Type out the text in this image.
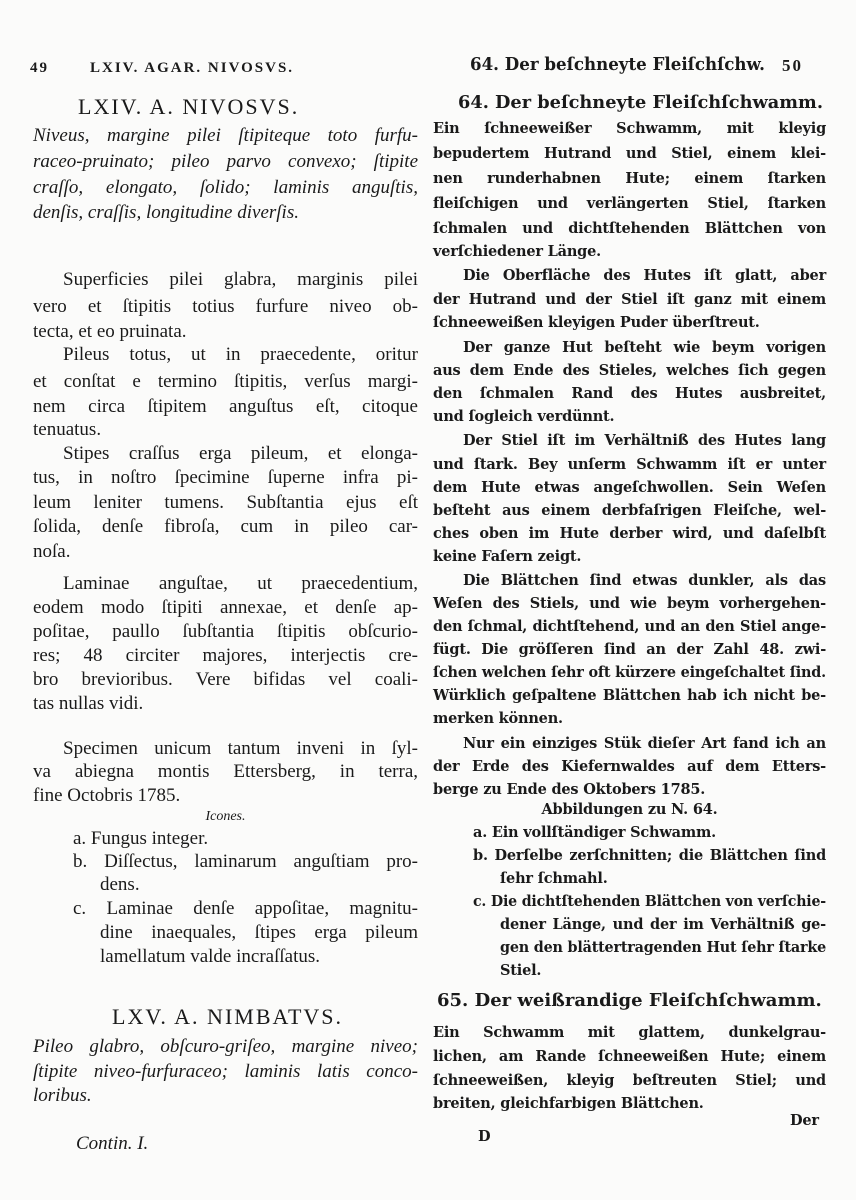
49	LXIV. AGAR. NIVOSVS.
LXIV. A. NIVOSVS.
LXV. A. NIMBATVS.
Contin. I.
64. Der beſchneyte Fleiſchſchw. 50
64. Der beſchneyte Fleiſchſchwamm.
65. Der weißrandige Fleiſchſchwamm.
Der
D
Niveus, margine pilei ſtipiteque toto furfu-
raceo-pruinato; pileo parvo convexo; ſtipite
craſſo, elongato, ſolido; laminis anguſtis,
denſis, craſſis, longitudine diverſis.
Superficies pilei glabra, marginis pilei
vero et ſtipitis totius furfure niveo ob-
tecta, et eo pruinata.
Pileus totus, ut in praecedente, oritur
et conſtat e termino ſtipitis, verſus margi-
nem circa ſtipitem anguſtus eſt, citoque
tenuatus.
Stipes craſſus erga pileum, et elonga-
tus, in noſtro ſpecimine ſuperne infra pi-
leum leniter tumens. Subſtantia ejus eſt
ſolida, denſe fibroſa, cum in pileo car-
noſa.
Laminae anguſtae, ut praecedentium,
eodem modo ſtipiti annexae, et denſe ap-
poſitae, paullo ſubſtantia ſtipitis obſcurio-
res; 48 circiter majores, interjectis cre-
bro brevioribus. Vere bifidas vel coali-
tas nullas vidi.
Specimen unicum tantum inveni in ſyl-
va abiegna montis Ettersberg, in terra,
fine Octobris 1785.
Icones.
a. Fungus integer.
b. Diſſectus, laminarum anguſtiam pro-
dens.
c. Laminae denſe appoſitae, magnitu-
dine inaequales, ſtipes erga pileum
lamellatum valde incraſſatus.
Pileo glabro, obſcuro-griſeo, margine niveo;
ſtipite niveo-furfuraceo; laminis latis conco-
loribus.
Ein ſchneeweißer Schwamm, mit kleyig
bepudertem Hutrand und Stiel, einem klei-
nen runderhabnen Hute; einem ſtarken
fleiſchigen und verlängerten Stiel, ſtarken
ſchmalen und dichtſtehenden Blättchen von
verſchiedener Länge.
Die Oberfläche des Hutes iſt glatt, aber
der Hutrand und der Stiel iſt ganz mit einem
ſchneeweißen kleyigen Puder überſtreut.
Der ganze Hut beſteht wie beym vorigen
aus dem Ende des Stieles, welches ſich gegen
den ſchmalen Rand des Hutes ausbreitet,
und ſogleich verdünnt.
Der Stiel iſt im Verhältniß des Hutes lang
und ſtark. Bey unſerm Schwamm iſt er unter
dem Hute etwas angeſchwollen. Sein Weſen
beſteht aus einem derbfaſrigen Fleiſche, wel-
ches oben im Hute derber wird, und daſelbſt
keine Faſern zeigt.
Die Blättchen ſind etwas dunkler, als das
Weſen des Stiels, und wie beym vorhergehen-
den ſchmal, dichtſtehend, und an den Stiel ange-
fügt. Die gröſſeren ſind an der Zahl 48. zwi-
ſchen welchen ſehr oft kürzere eingeſchaltet ſind.
Würklich geſpaltene Blättchen hab ich nicht be-
merken können.
Nur ein einziges Stük dieſer Art fand ich an
der Erde des Kiefernwaldes auf dem Etters-
berge zu Ende des Oktobers 1785.
Abbildungen zu N. 64.
a. Ein vollſtändiger Schwamm.
b. Derſelbe zerſchnitten; die Blättchen ſind
ſehr ſchmahl.
c. Die dichtſtehenden Blättchen von verſchie-
dener Länge, und der im Verhältniß ge-
gen den blättertragenden Hut ſehr ſtarke
Stiel.
Ein Schwamm mit glattem, dunkelgrau-
lichen, am Rande ſchneeweißen Hute; einem
ſchneeweißen, kleyig beſtreuten Stiel; und
breiten, gleichfarbigen Blättchen.
